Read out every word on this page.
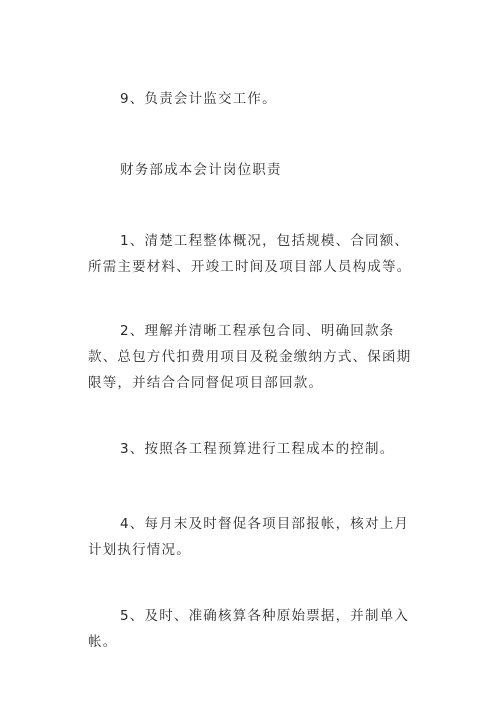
9、负责会计监交工作。

财务部成本会计岗位职责

1、清楚工程整体概况，包括规模、合同额、所需主要材料、开竣工时间及项目部人员构成等。

2、理解并清晰工程承包合同、明确回款条款、总包方代扣费用项目及税金缴纳方式、保函期限等，并结合合同督促项目部回款。

3、按照各工程预算进行工程成本的控制。

4、每月末及时督促各项目部报帐，核对上月计划执行情况。

5、及时、准确核算各种原始票据，并制单入帐。
